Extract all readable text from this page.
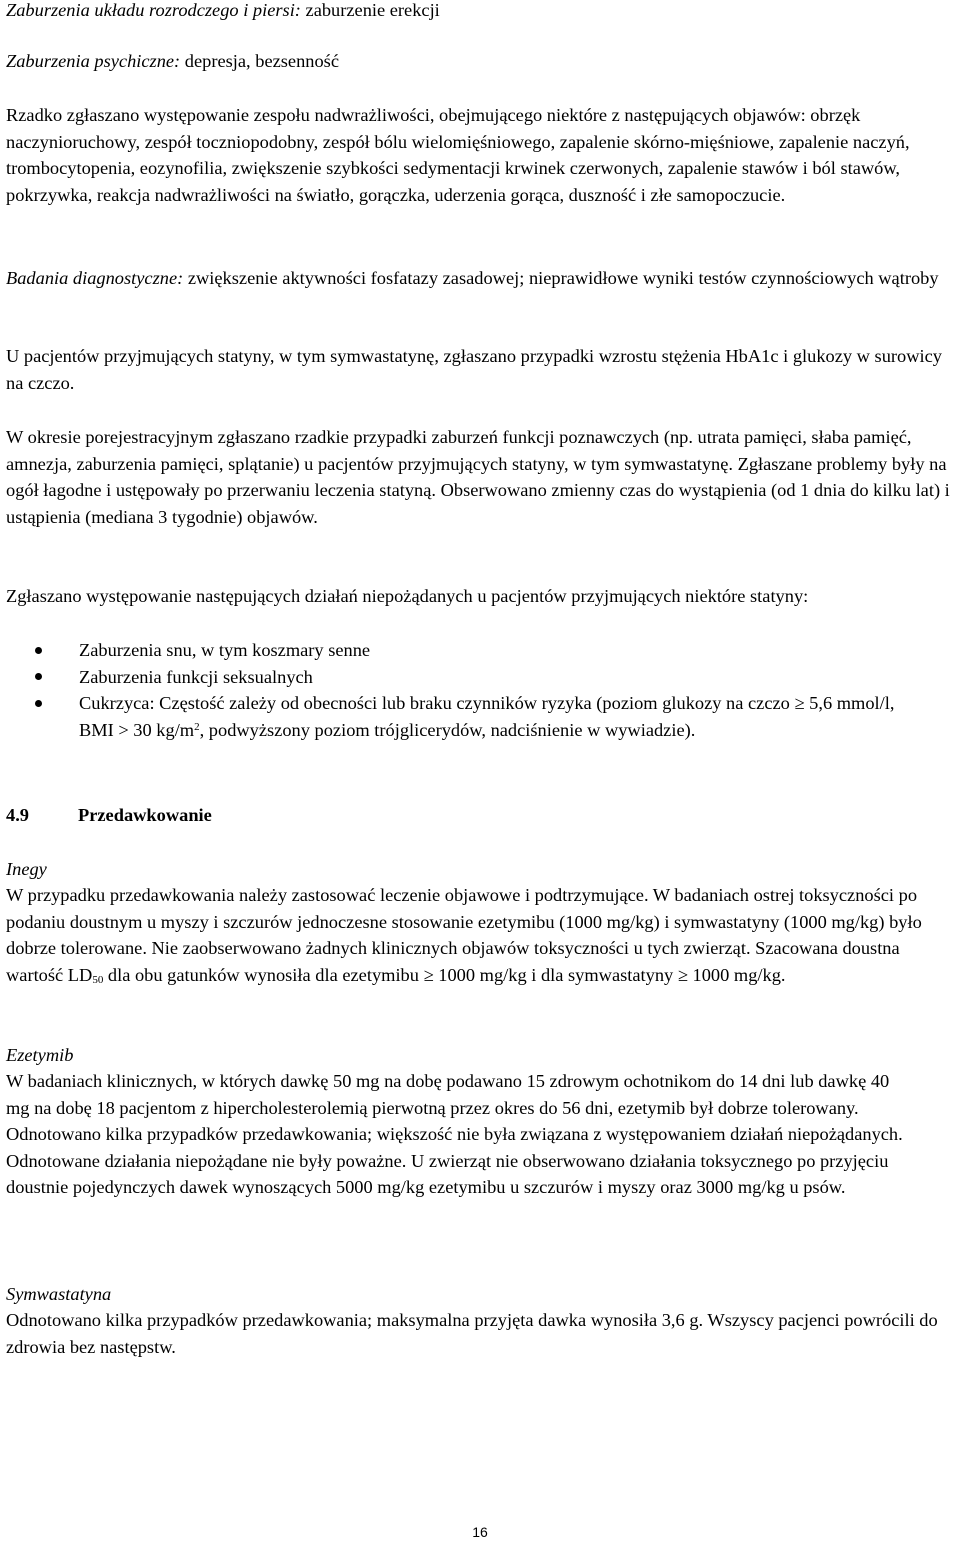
Zaburzenia układu rozrodczego i piersi: zaburzenie erekcji

Zaburzenia psychiczne: depresja, bezsenność

Rzadko zgłaszano występowanie zespołu nadwrażliwości, obejmującego niektóre z następujących objawów: obrzęk naczynioruchowy, zespół toczniopodobny, zespół bólu wielomięśniowego, zapalenie skórno-mięśniowe, zapalenie naczyń, trombocytopenia, eozynofilia, zwiększenie szybkości sedymentacji krwinek czerwonych, zapalenie stawów i ból stawów, pokrzywka, reakcja nadwrażliwości na światło, gorączka, uderzenia gorąca, duszność i złe samopoczucie.

Badania diagnostyczne: zwiększenie aktywności fosfatazy zasadowej; nieprawidłowe wyniki testów czynnościowych wątroby

U pacjentów przyjmujących statyny, w tym symwastatynę, zgłaszano przypadki wzrostu stężenia HbA1c i glukozy w surowicy na czczo.

W okresie porejestracyjnym zgłaszano rzadkie przypadki zaburzeń funkcji poznawczych (np. utrata pamięci, słaba pamięć, amnezja, zaburzenia pamięci, splątanie) u pacjentów przyjmujących statyny, w tym symwastatynę. Zgłaszane problemy były na ogół łagodne i ustępowały po przerwaniu leczenia statyną. Obserwowano zmienny czas do wystąpienia (od 1 dnia do kilku lat) i ustąpienia (mediana 3 tygodnie) objawów.

Zgłaszano występowanie następujących działań niepożądanych u pacjentów przyjmujących niektóre statyny:

Zaburzenia snu, w tym koszmary senne
Zaburzenia funkcji seksualnych
Cukrzyca: Częstość zależy od obecności lub braku czynników ryzyka (poziom glukozy na czczo ≥ 5,6 mmol/l, BMI > 30 $kg/m^2$, podwyższony poziom trójglicerydów, nadciśnienie w wywiadzie).
4.9	Przedawkowanie

Inegy

W przypadku przedawkowania należy zastosować leczenie objawowe i podtrzymujące. W badaniach ostrej toksyczności po podaniu doustnym u myszy i szczurów jednoczesne stosowanie ezetymibu (1000 mg/kg) i symwastatyny (1000 mg/kg) było dobrze tolerowane. Nie zaobserwowano żadnych klinicznych objawów toksyczności u tych zwierząt. Szacowana doustna wartość $LD_{50}$ dla obu gatunków wynosiła dla ezetymibu ≥ 1000 mg/kg i dla symwastatyny ≥ 1000 mg/kg.

Ezetymib

W badaniach klinicznych, w których dawkę 50 mg na dobę podawano 15 zdrowym ochotnikom do 14 dni lub dawkę 40 mg na dobę 18 pacjentom z hipercholesterolemią pierwotną przez okres do 56 dni, ezetymib był dobrze tolerowany. Odnotowano kilka przypadków przedawkowania; większość nie była związana z występowaniem działań niepożądanych. Odnotowane działania niepożądane nie były poważne. U zwierząt nie obserwowano działania toksycznego po przyjęciu doustnie pojedynczych dawek wynoszących 5000 mg/kg ezetymibu u szczurów i myszy oraz 3000 mg/kg u psów.

Symwastatyna

Odnotowano kilka przypadków przedawkowania; maksymalna przyjęta dawka wynosiła 3,6 g. Wszyscy pacjenci powrócili do zdrowia bez następstw.

16
